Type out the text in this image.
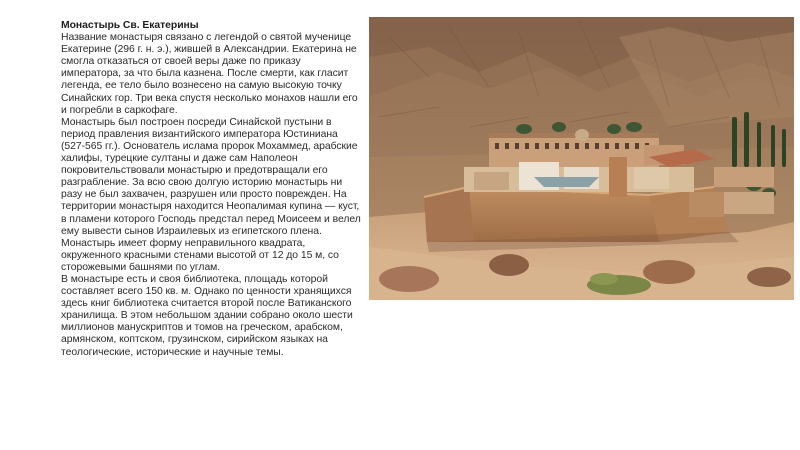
Монастырь Св. Екатерины
Название монастыря связано с легендой о святой мученице Екатерине (296 г. н. э.), жившей в Александрии. Екатерина не смогла отказаться от своей веры даже по приказу императора, за что была казнена. После смерти, как гласит легенда, ее тело было вознесено на самую высокую точку Синайских гор. Три века спустя несколько монахов нашли его и погребли в саркофаге.
Монастырь был построен посреди Синайской пустыни в период правления византийского императора Юстиниана (527-565 гг.). Основатель ислама пророк Мохаммед, арабские халифы, турецкие султаны и даже сам Наполеон покровительствовали монастырю и предотвращали его разграбление. За всю свою долгую историю монастырь ни разу не был захвачен, разрушен или просто поврежден. На территории монастыря находится Неопалимая купина — куст, в пламени которого Господь предстал перед Моисеем и велел ему вывести сынов Израилевых из египетского плена.
Монастырь имеет форму неправильного квадрата, окруженного красными стенами высотой от 12 до 15 м, со сторожевыми башнями по углам.
В монастыре есть и своя библиотека, площадь которой составляет всего 150 кв. м. Однако по ценности хранящихся здесь книг библиотека считается второй после Ватиканского хранилища. В этом небольшом здании собрано около шести миллионов манускриптов и томов на греческом, арабском, армянском, коптском, грузинском, сирийском языках на теологические, исторические и научные темы.
